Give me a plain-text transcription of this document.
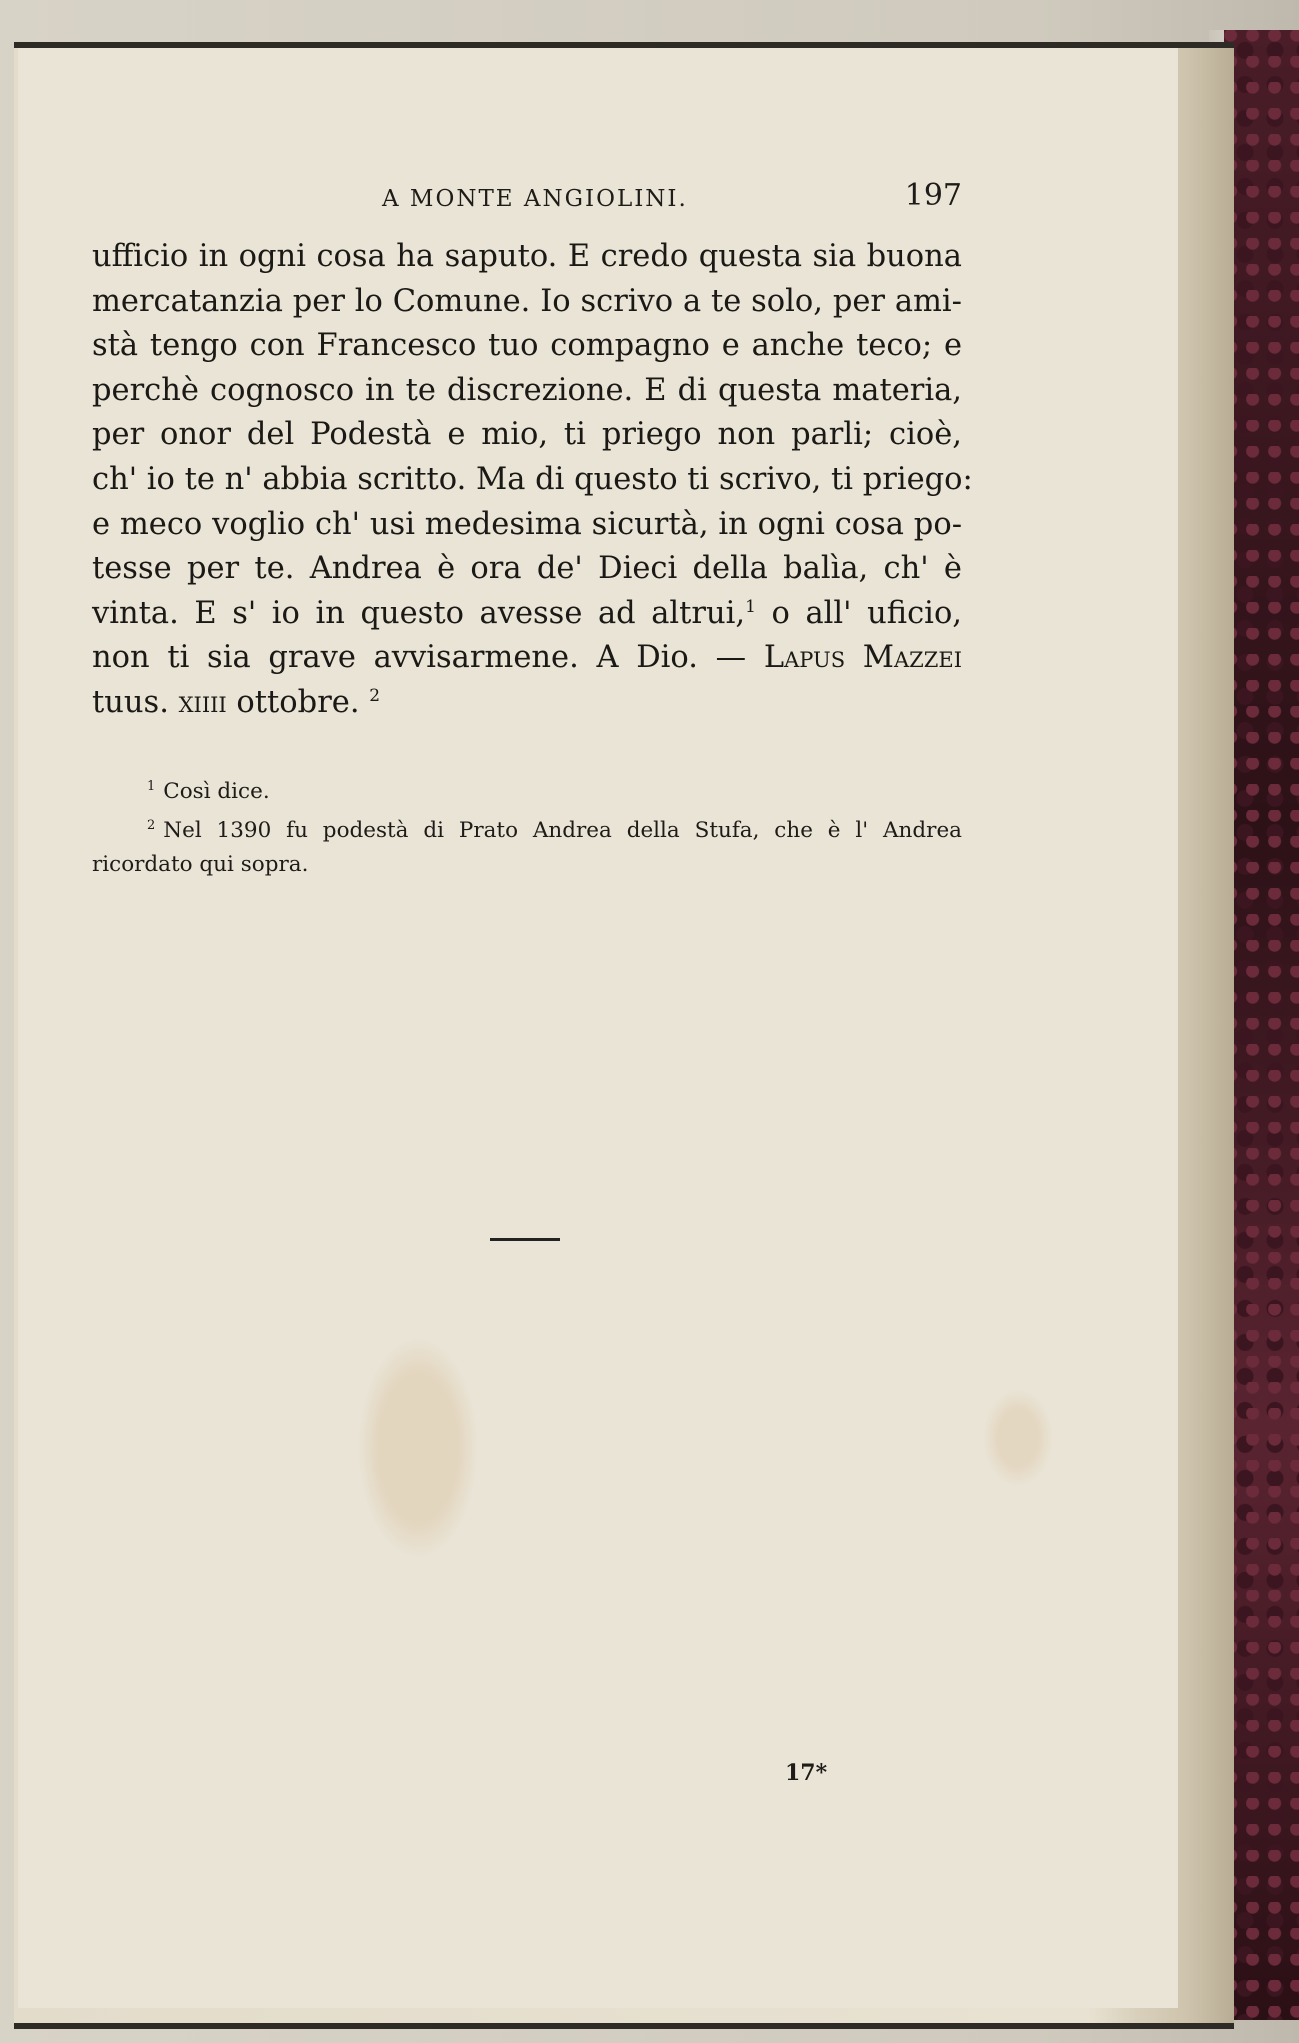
A MONTE ANGIOLINI.	197
ufficio in ogni cosa ha saputo. E credo questa sia buona
mercatanzia per lo Comune. Io scrivo a te solo, per ami-
stà tengo con Francesco tuo compagno e anche teco; e
perchè cognosco in te discrezione. E di questa materia,
per onor del Podestà e mio, ti priego non parli; cioè,
ch' io te n' abbia scritto. Ma di questo ti scrivo, ti priego:
e meco voglio ch' usi medesima sicurtà, in ogni cosa po-
tesse per te. Andrea è ora de' Dieci della balìa, ch' è
vinta. E s' io in questo avesse ad altrui,$^1$ o all' uficio,
non ti sia grave avvisarmene. A Dio. — Lapus Mazzei
tuus. xiiii ottobre. $^2$
$^1$ Così dice.
$^2$ Nel 1390 fu podestà di Prato Andrea della Stufa, che è l' Andrea
ricordato qui sopra.
17*
